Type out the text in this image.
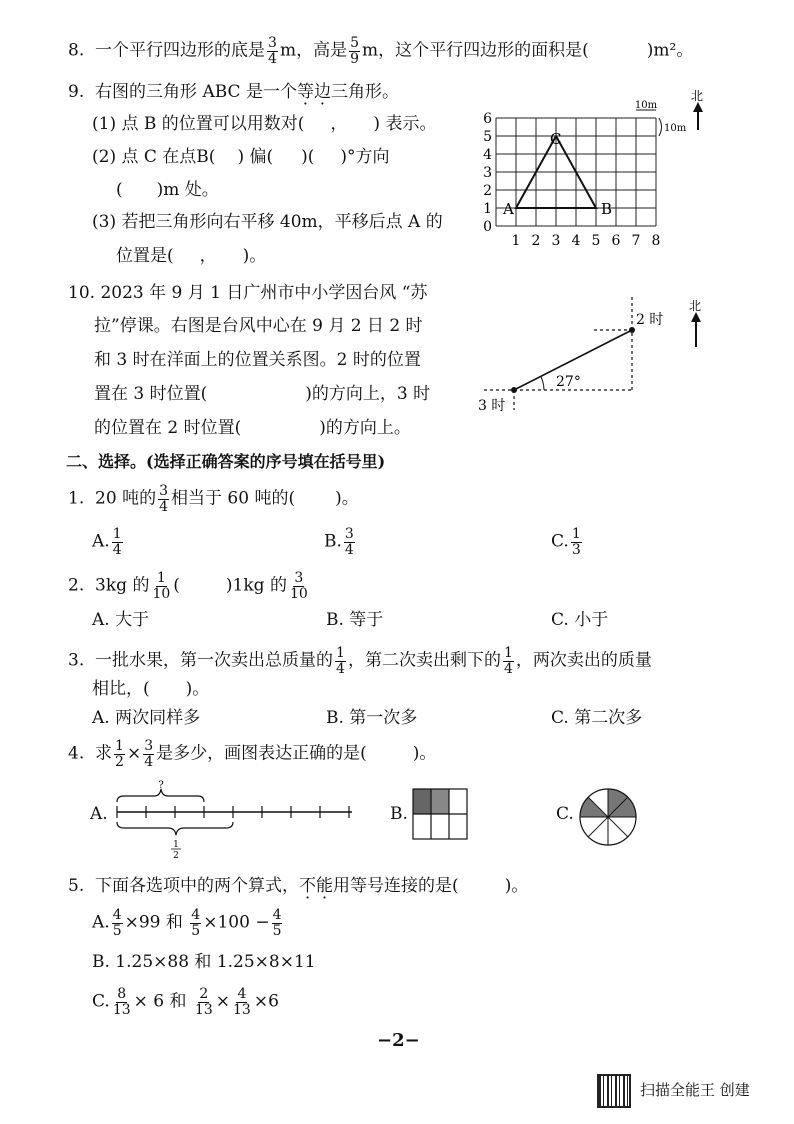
8. 一个平行四边形的底是 $\frac{3}{4}$ m，高是 $\frac{5}{9}$ m，这个平行四边形的面积是(	)m²。
9. 右图的三角形 ABC 是一个等边三角形。
(1) 点 B 的位置可以用数对( ， ) 表示。
(2) 点 C 在点B( ) 偏( )( )°方向
( )m 处。
(3) 若把三角形向右平移 40m，平移后点 A 的
位置是( ， )。
0
1
2
3
4
5
6
1 2 3 4 5 6 7 8
A	B
C
10m
10m
北
10. 2023 年 9 月 1 日广州市中小学因台风 “苏
拉”停课。右图是台风中心在 9 月 2 日 2 时
和 3 时在洋面上的位置关系图。2 时的位置
置在 3 时位置(	)的方向上，3 时
的位置在 2 时位置(	)的方向上。
27°
2 时
3 时
北
二、选择。(选择正确答案的序号填在括号里)
1. 20 吨的 $\frac{3}{4}$ 相当于 60 吨的( )。
A. $\frac{1}{4}$	B. $\frac{3}{4}$	C. $\frac{1}{3}$
2. 3kg 的 $\frac{1}{10}$ (	)1kg 的 $\frac{3}{10}$
A. 大于	B. 等于	C. 小于
3. 一批水果，第一次卖出总质量的 $\frac{1}{4}$ ，第二次卖出剩下的 $\frac{1}{4}$ ，两次卖出的质量
相比，( )。
A. 两次同样多	B. 第一次多	C. 第二次多
4. 求 $\frac{1}{2} \times \frac{3}{4}$ 是多少，画图表达正确的是(	)。
A.
?
1
2
B.	C.
5. 下面各选项中的两个算式，不能用等号连接的是(	)。
A. $\frac{4}{5} \times 99$ 和 $\frac{4}{5} \times 100 - \frac{4}{5}$
B. 1.25×88 和 1.25×8×11
C. $\frac{8}{13} \times 6$ 和 $\frac{2}{13} \times \frac{4}{13} \times 6$
−2−
扫描全能王 创建
